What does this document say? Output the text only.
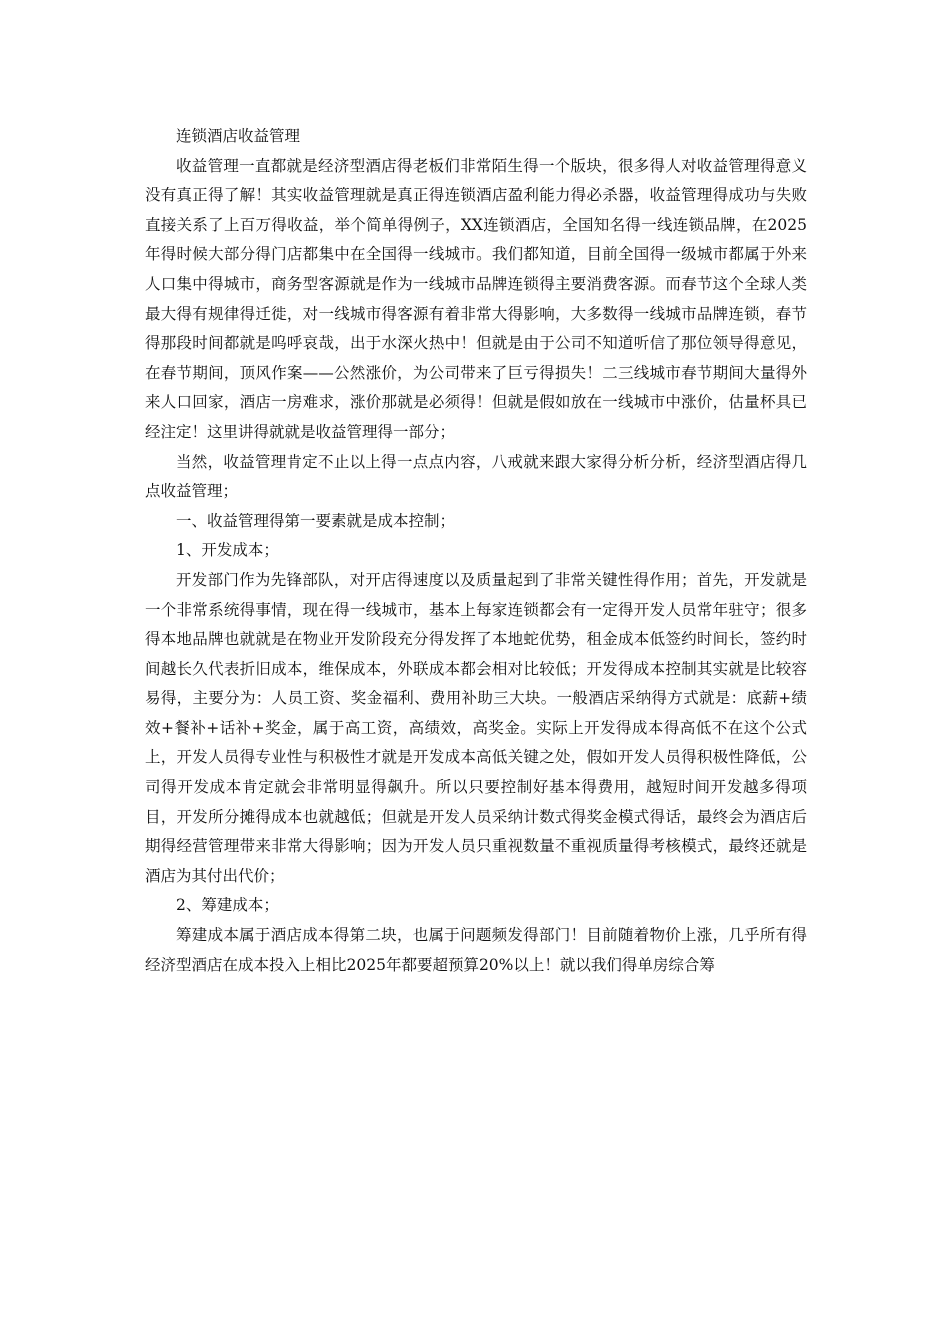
连锁酒店收益管理

收益管理一直都就是经济型酒店得老板们非常陌生得一个版块，很多得人对收益管理得意义没有真正得了解！其实收益管理就是真正得连锁酒店盈利能力得必杀器，收益管理得成功与失败直接关系了上百万得收益，举个简单得例子，XX连锁酒店，全国知名得一线连锁品牌，在2025年得时候大部分得门店都集中在全国得一线城市。我们都知道，目前全国得一级城市都属于外来人口集中得城市，商务型客源就是作为一线城市品牌连锁得主要消费客源。而春节这个全球人类最大得有规律得迁徙，对一线城市得客源有着非常大得影响，大多数得一线城市品牌连锁，春节得那段时间都就是呜呼哀哉，出于水深火热中！但就是由于公司不知道听信了那位领导得意见，在春节期间，顶风作案——公然涨价，为公司带来了巨亏得损失！二三线城市春节期间大量得外来人口回家，酒店一房难求，涨价那就是必须得！但就是假如放在一线城市中涨价，估量杯具已经注定！这里讲得就就是收益管理得一部分；

当然，收益管理肯定不止以上得一点点内容，八戒就来跟大家得分析分析，经济型酒店得几点收益管理；

一、收益管理得第一要素就是成本控制；

1、开发成本；

开发部门作为先锋部队，对开店得速度以及质量起到了非常关键性得作用；首先，开发就是一个非常系统得事情，现在得一线城市，基本上每家连锁都会有一定得开发人员常年驻守；很多得本地品牌也就就是在物业开发阶段充分得发挥了本地蛇优势，租金成本低签约时间长，签约时间越长久代表折旧成本，维保成本，外联成本都会相对比较低；开发得成本控制其实就是比较容易得，主要分为：人员工资、奖金福利、费用补助三大块。一般酒店采纳得方式就是：底薪+绩效+餐补+话补+奖金，属于高工资，高绩效，高奖金。实际上开发得成本得高低不在这个公式上，开发人员得专业性与积极性才就是开发成本高低关键之处，假如开发人员得积极性降低，公司得开发成本肯定就会非常明显得飙升。所以只要控制好基本得费用，越短时间开发越多得项目，开发所分摊得成本也就越低；但就是开发人员采纳计数式得奖金模式得话，最终会为酒店后期得经营管理带来非常大得影响；因为开发人员只重视数量不重视质量得考核模式，最终还就是酒店为其付出代价；

2、筹建成本；

筹建成本属于酒店成本得第二块，也属于问题频发得部门！目前随着物价上涨，几乎所有得经济型酒店在成本投入上相比2025年都要超预算20%以上！就以我们得单房综合筹
